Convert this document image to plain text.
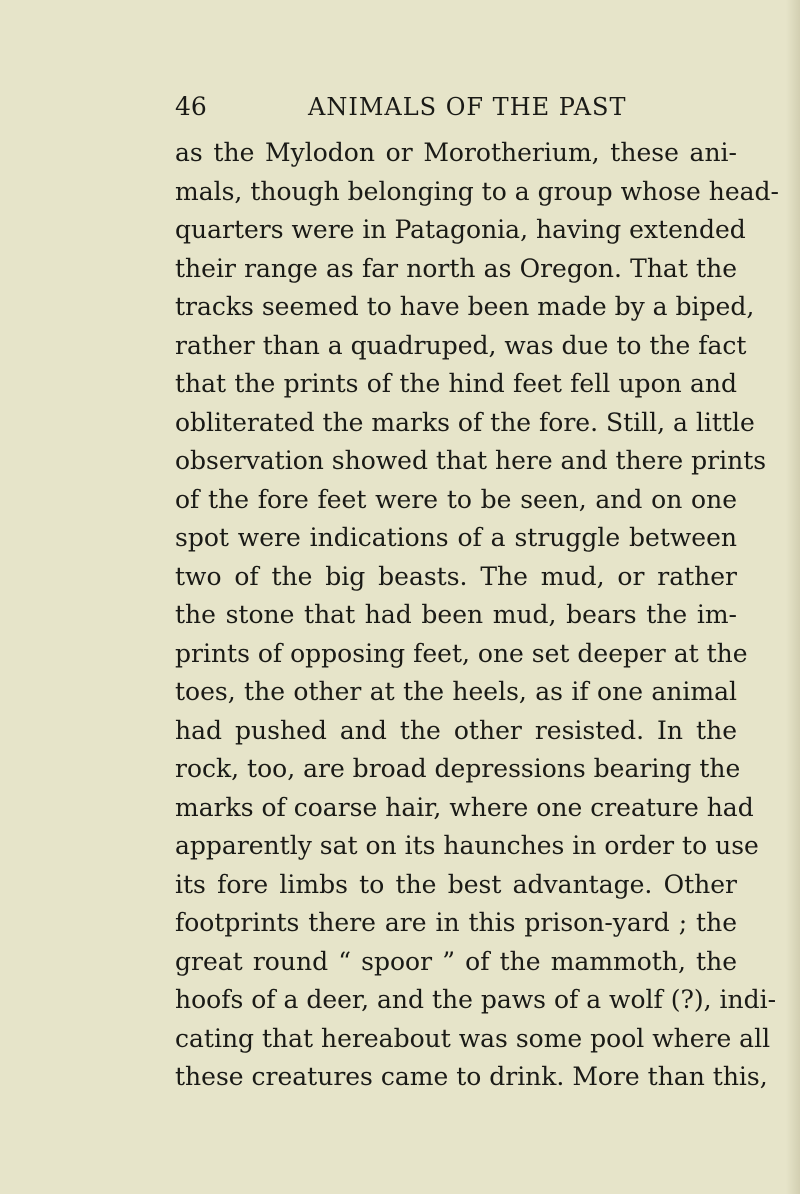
46	ANIMALS OF THE PAST
as the Mylodon or Morotherium, these ani-
mals, though belonging to a group whose head-
quarters were in Patagonia, having extended
their range as far north as Oregon. That the
tracks seemed to have been made by a biped,
rather than a quadruped, was due to the fact
that the prints of the hind feet fell upon and
obliterated the marks of the fore. Still, a little
observation showed that here and there prints
of the fore feet were to be seen, and on one
spot were indications of a struggle between
two of the big beasts. The mud, or rather
the stone that had been mud, bears the im-
prints of opposing feet, one set deeper at the
toes, the other at the heels, as if one animal
had pushed and the other resisted. In the
rock, too, are broad depressions bearing the
marks of coarse hair, where one creature had
apparently sat on its haunches in order to use
its fore limbs to the best advantage. Other
footprints there are in this prison-yard ; the
great round “ spoor ” of the mammoth, the
hoofs of a deer, and the paws of a wolf (?), indi-
cating that hereabout was some pool where all
these creatures came to drink. More than this,
